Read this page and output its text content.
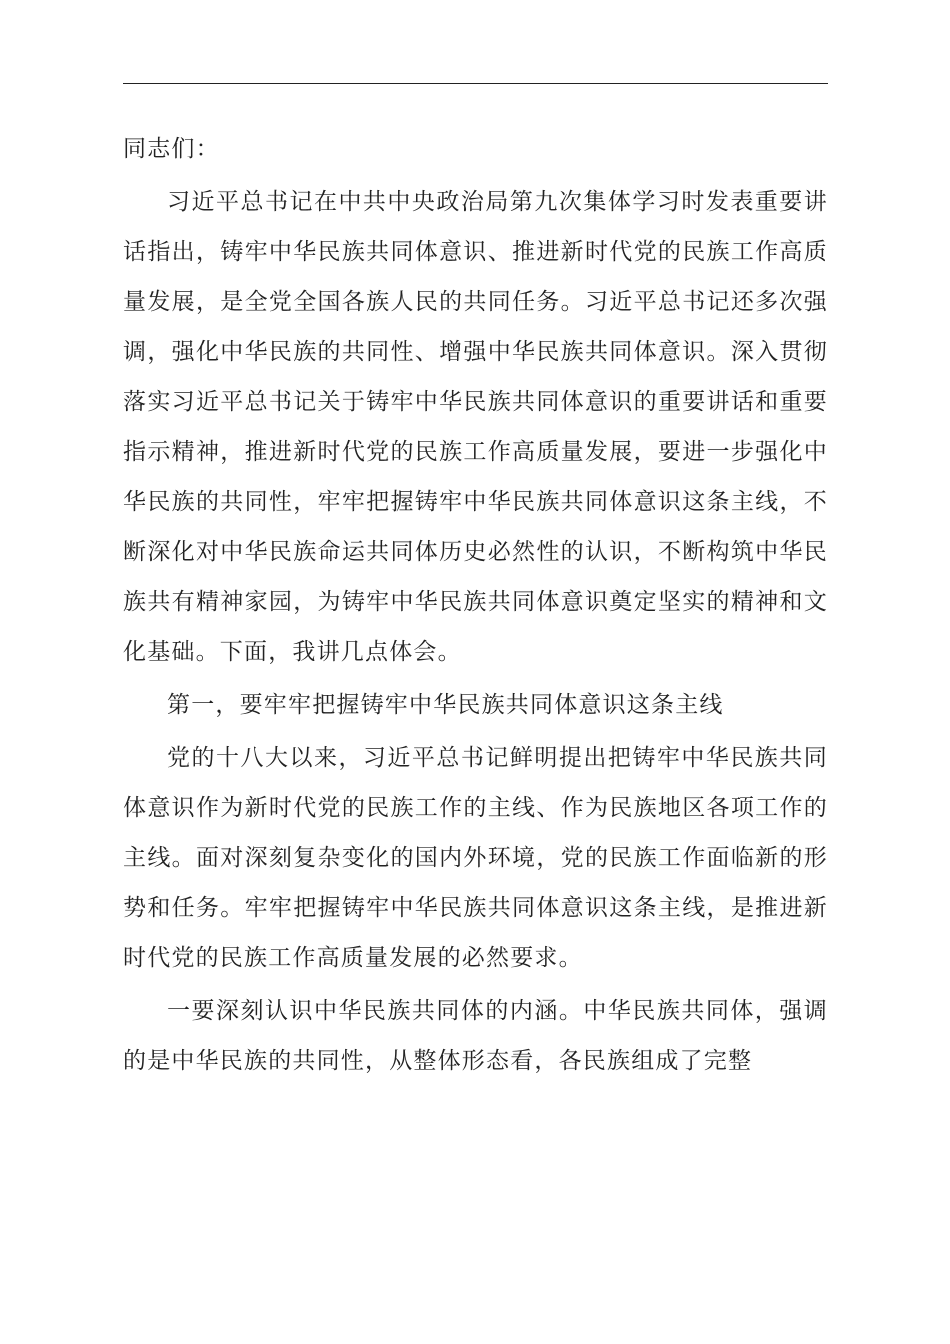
同志们：

习近平总书记在中共中央政治局第九次集体学习时发表重要讲话指出，铸牢中华民族共同体意识、推进新时代党的民族工作高质量发展，是全党全国各族人民的共同任务。习近平总书记还多次强调，强化中华民族的共同性、增强中华民族共同体意识。深入贯彻落实习近平总书记关于铸牢中华民族共同体意识的重要讲话和重要指示精神，推进新时代党的民族工作高质量发展，要进一步强化中华民族的共同性，牢牢把握铸牢中华民族共同体意识这条主线，不断深化对中华民族命运共同体历史必然性的认识，不断构筑中华民族共有精神家园，为铸牢中华民族共同体意识奠定坚实的精神和文化基础。下面，我讲几点体会。

第一，要牢牢把握铸牢中华民族共同体意识这条主线

党的十八大以来，习近平总书记鲜明提出把铸牢中华民族共同体意识作为新时代党的民族工作的主线、作为民族地区各项工作的主线。面对深刻复杂变化的国内外环境，党的民族工作面临新的形势和任务。牢牢把握铸牢中华民族共同体意识这条主线，是推进新时代党的民族工作高质量发展的必然要求。

一要深刻认识中华民族共同体的内涵。中华民族共同体，强调的是中华民族的共同性，从整体形态看，各民族组成了完整
